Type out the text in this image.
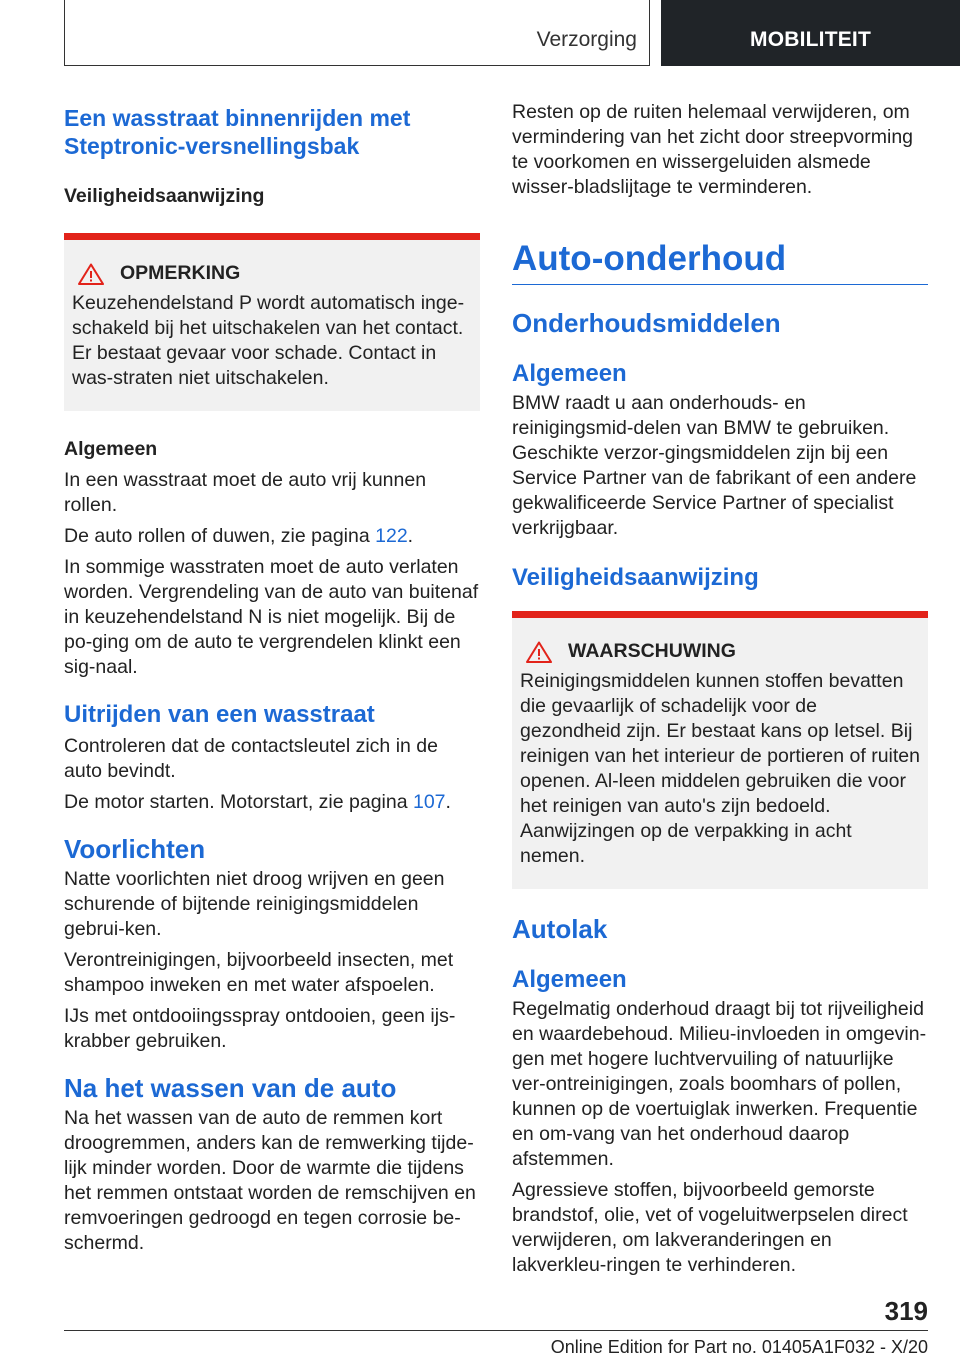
Verzorging	MOBILITEIT
Een wasstraat binnenrijden met Steptronic-versnellingsbak
Veiligheidsaanwijzing
OPMERKING

Keuzehendelstand P wordt automatisch inge-schakeld bij het uitschakelen van het contact. Er bestaat gevaar voor schade. Contact in was-straten niet uitschakelen.

Algemeen

In een wasstraat moet de auto vrij kunnen rollen.

De auto rollen of duwen, zie pagina 122.

In sommige wasstraten moet de auto verlaten worden. Vergrendeling van de auto van buitenaf in keuzehendelstand N is niet mogelijk. Bij de po-ging om de auto te vergrendelen klinkt een sig-naal.

Uitrijden van een wasstraat

Controleren dat de contactsleutel zich in de auto bevindt.

De motor starten. Motorstart, zie pagina 107.

Voorlichten

Natte voorlichten niet droog wrijven en geen schurende of bijtende reinigingsmiddelen gebrui-ken.

Verontreinigingen, bijvoorbeeld insecten, met shampoo inweken en met water afspoelen.

IJs met ontdooiingsspray ontdooien, geen ijs-krabber gebruiken.

Na het wassen van de auto

Na het wassen van de auto de remmen kort droogremmen, anders kan de remwerking tijde-lijk minder worden. Door de warmte die tijdens het remmen ontstaat worden de remschijven en remvoeringen gedroogd en tegen corrosie be-schermd.

Resten op de ruiten helemaal verwijderen, om vermindering van het zicht door streepvorming te voorkomen en wissergeluiden alsmede wisser-bladslijtage te verminderen.

Auto-onderhoud
Onderhoudsmiddelen
Algemeen

BMW raadt u aan onderhouds- en reinigingsmid-delen van BMW te gebruiken. Geschikte verzor-gingsmiddelen zijn bij een Service Partner van de fabrikant of een andere gekwalificeerde Service Partner of specialist verkrijgbaar.

Veiligheidsaanwijzing
WAARSCHUWING

Reinigingsmiddelen kunnen stoffen bevatten die gevaarlijk of schadelijk voor de gezondheid zijn. Er bestaat kans op letsel. Bij reinigen van het interieur de portieren of ruiten openen. Al-leen middelen gebruiken die voor het reinigen van auto's zijn bedoeld. Aanwijzingen op de verpakking in acht nemen.

Autolak
Algemeen

Regelmatig onderhoud draagt bij tot rijveiligheid en waardebehoud. Milieu-invloeden in omgevin-gen met hogere luchtvervuiling of natuurlijke ver-ontreinigingen, zoals boomhars of pollen, kunnen op de voertuiglak inwerken. Frequentie en om-vang van het onderhoud daarop afstemmen.

Agressieve stoffen, bijvoorbeeld gemorste brandstof, olie, vet of vogeluitwerpselen direct verwijderen, om lakveranderingen en lakverkleu-ringen te verhinderen.

319
Online Edition for Part no. 01405A1F032 - X/20
